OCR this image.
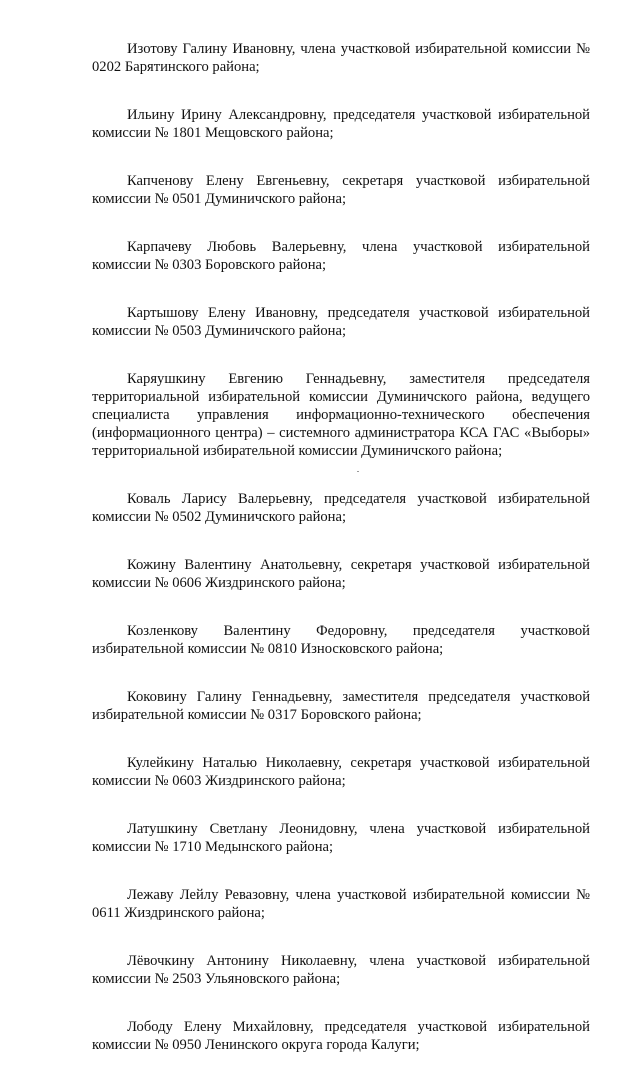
Изотову Галину Ивановну, члена участковой избирательной комиссии № 0202 Барятинского района;

Ильину Ирину Александровну, председателя участковой избирательной комиссии № 1801 Мещовского района;

Капченову Елену Евгеньевну, секретаря участковой избирательной комиссии № 0501 Думиничского района;

Карпачеву Любовь Валерьевну, члена участковой избирательной комиссии № 0303 Боровского района;

Картышову Елену Ивановну, председателя участковой избирательной комиссии № 0503 Думиничского района;

Каряушкину Евгению Геннадьевну, заместителя председателя территориальной избирательной комиссии Думиничского района, ведущего специалиста управления информационно-технического обеспечения (информационного центра) – системного администратора КСА ГАС «Выборы» территориальной избирательной комиссии Думиничского района;

Коваль Ларису Валерьевну, председателя участковой избирательной комиссии № 0502 Думиничского района;

Кожину Валентину Анатольевну, секретаря участковой избирательной комиссии № 0606 Жиздринского района;

Козленкову Валентину Федоровну, председателя участковой избирательной комиссии № 0810 Износковского района;

Коковину Галину Геннадьевну, заместителя председателя участковой избирательной комиссии № 0317 Боровского района;

Кулейкину Наталью Николаевну, секретаря участковой избирательной комиссии № 0603 Жиздринского района;

Латушкину Светлану Леонидовну, члена участковой избирательной комиссии № 1710 Медынского района;

Лежаву Лейлу Ревазовну, члена участковой избирательной комиссии № 0611 Жиздринского района;

Лёвочкину Антонину Николаевну, члена участковой избирательной комиссии № 2503 Ульяновского района;

Лободу Елену Михайловну, председателя участковой избирательной комиссии № 0950 Ленинского округа города Калуги;
